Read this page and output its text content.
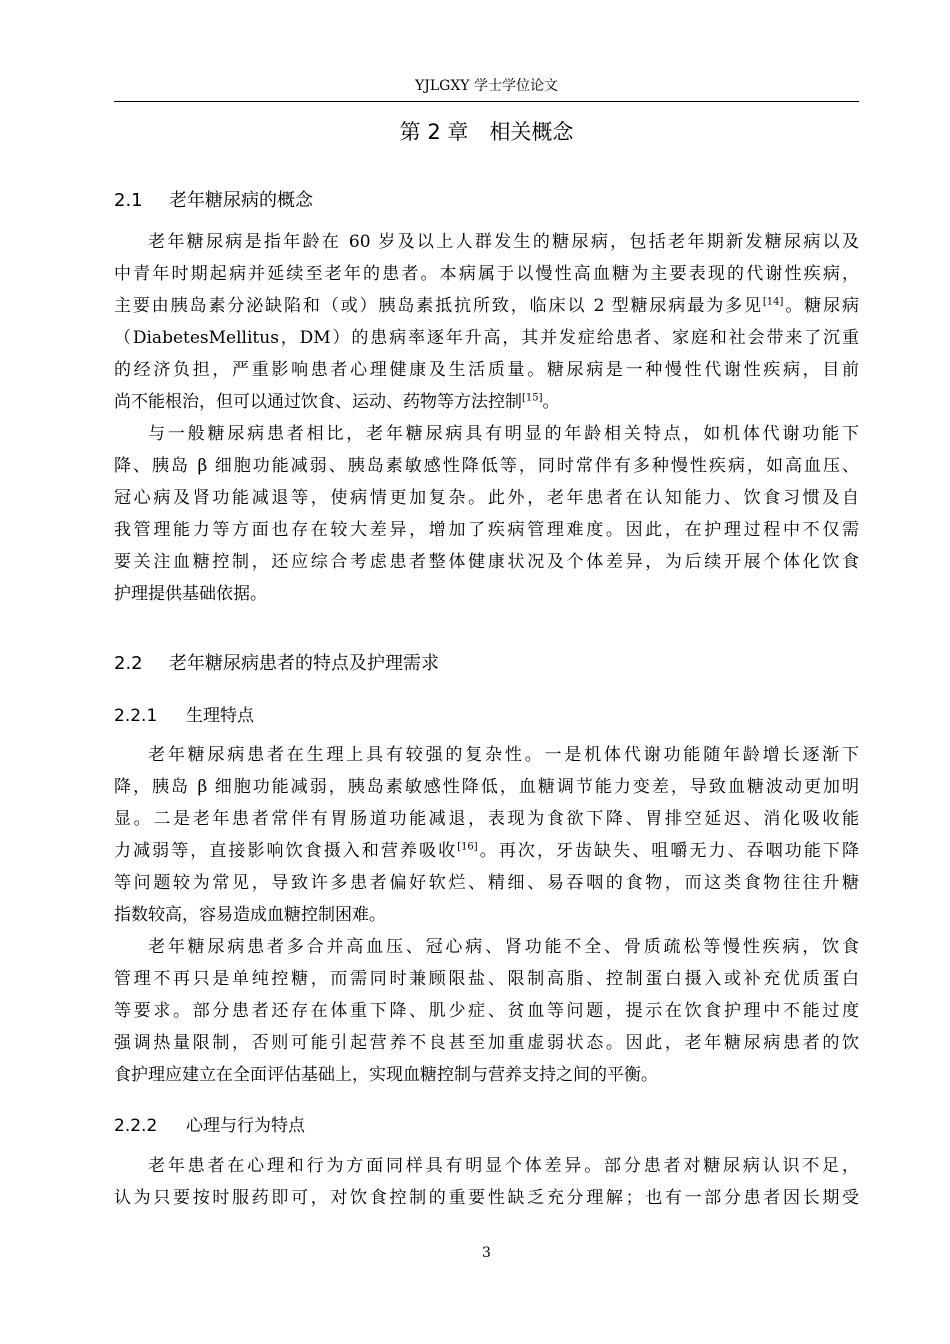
YJLGXY 学士学位论文
第 2 章　相关概念
2.1 老年糖尿病的概念
老年糖尿病是指年龄在 60 岁及以上人群发生的糖尿病，包括老年期新发糖尿病以及
中青年时期起病并延续至老年的患者。本病属于以慢性高血糖为主要表现的代谢性疾病，
主要由胰岛素分泌缺陷和（或）胰岛素抵抗所致，临床以 2 型糖尿病最为多见[14]。糖尿病
（DiabetesMellitus，DM）的患病率逐年升高，其并发症给患者、家庭和社会带来了沉重
的经济负担，严重影响患者心理健康及生活质量。糖尿病是一种慢性代谢性疾病，目前
尚不能根治，但可以通过饮食、运动、药物等方法控制[15]。
与一般糖尿病患者相比，老年糖尿病具有明显的年龄相关特点，如机体代谢功能下
降、胰岛 β 细胞功能减弱、胰岛素敏感性降低等，同时常伴有多种慢性疾病，如高血压、
冠心病及肾功能减退等，使病情更加复杂。此外，老年患者在认知能力、饮食习惯及自
我管理能力等方面也存在较大差异，增加了疾病管理难度。因此，在护理过程中不仅需
要关注血糖控制，还应综合考虑患者整体健康状况及个体差异，为后续开展个体化饮食
护理提供基础依据。
2.2 老年糖尿病患者的特点及护理需求
2.2.1 生理特点
老年糖尿病患者在生理上具有较强的复杂性。一是机体代谢功能随年龄增长逐渐下
降，胰岛 β 细胞功能减弱，胰岛素敏感性降低，血糖调节能力变差，导致血糖波动更加明
显。二是老年患者常伴有胃肠道功能减退，表现为食欲下降、胃排空延迟、消化吸收能
力减弱等，直接影响饮食摄入和营养吸收[16]。再次，牙齿缺失、咀嚼无力、吞咽功能下降
等问题较为常见，导致许多患者偏好软烂、精细、易吞咽的食物，而这类食物往往升糖
指数较高，容易造成血糖控制困难。
老年糖尿病患者多合并高血压、冠心病、肾功能不全、骨质疏松等慢性疾病，饮食
管理不再只是单纯控糖，而需同时兼顾限盐、限制高脂、控制蛋白摄入或补充优质蛋白
等要求。部分患者还存在体重下降、肌少症、贫血等问题，提示在饮食护理中不能过度
强调热量限制，否则可能引起营养不良甚至加重虚弱状态。因此，老年糖尿病患者的饮
食护理应建立在全面评估基础上，实现血糖控制与营养支持之间的平衡。
2.2.2 心理与行为特点
老年患者在心理和行为方面同样具有明显个体差异。部分患者对糖尿病认识不足，
认为只要按时服药即可，对饮食控制的重要性缺乏充分理解；也有一部分患者因长期受
3
